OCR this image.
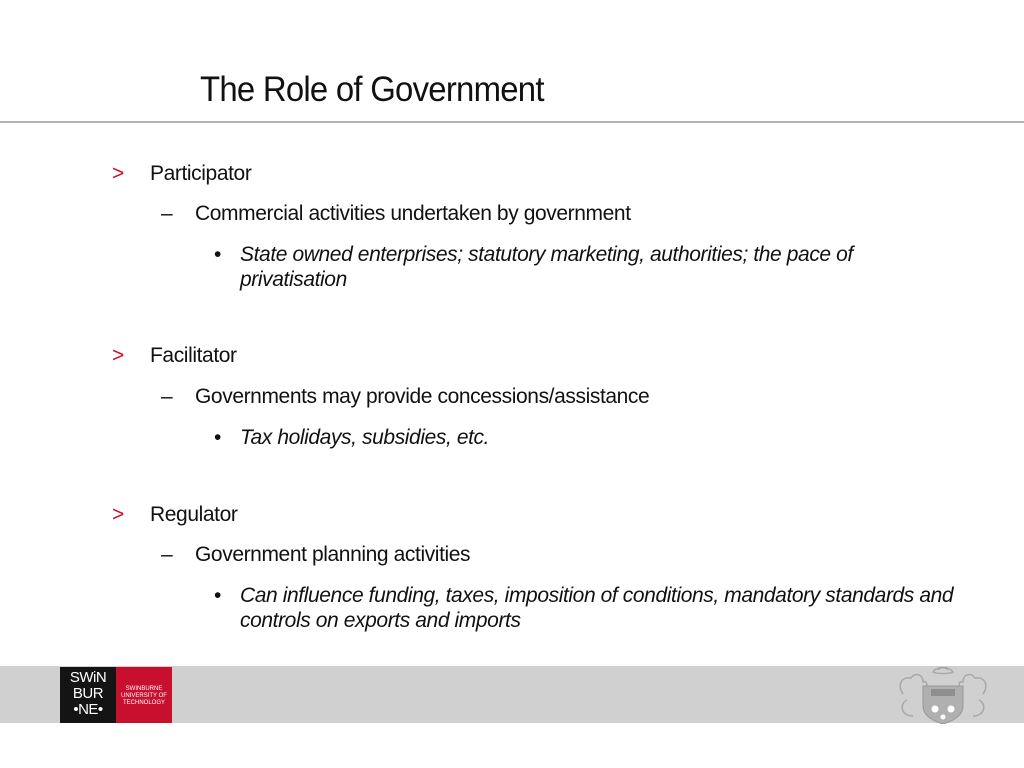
The Role of Government
> Participator
– Commercial activities undertaken by government
• State owned enterprises; statutory marketing, authorities; the pace of privatisation
> Facilitator
– Governments may provide concessions/assistance
• Tax holidays, subsidies, etc.
> Regulator
– Government planning activities
• Can influence funding, taxes, imposition of conditions, mandatory standards and controls on exports and imports
SWiN
BUR
•NE•
SWINBURNE
UNIVERSITY OF
TECHNOLOGY
